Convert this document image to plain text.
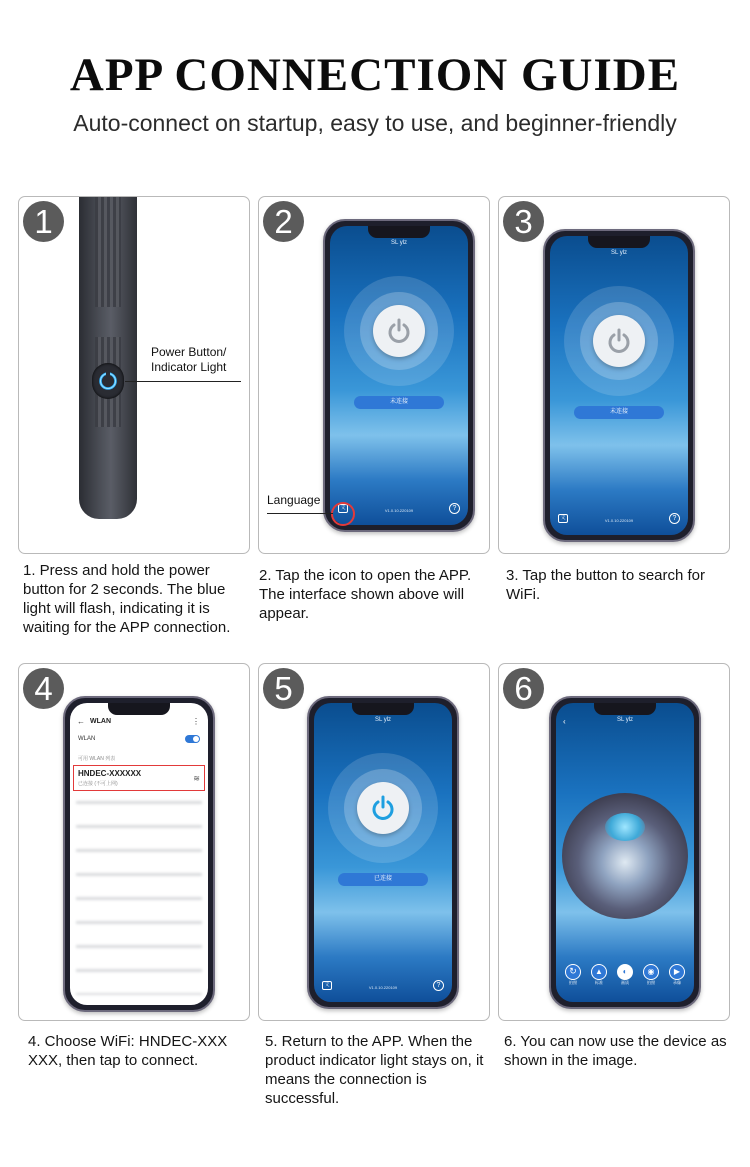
APP CONNECTION GUIDE
Auto-connect on startup, easy to use, and beginner-friendly
1
Power Button/
Indicator Light
1. Press and hold the power button for 2 seconds. The blue light will flash, indicating it is waiting for the APP connection.
2
SL ylz
未连接
文	V1.0.10.220109	?
Language
2. Tap the icon to open the APP. The interface shown above will appear.
3
SL ylz
未连接
文	V1.0.10.220109	?
3. Tap the button to search for WiFi.
4
← WLAN	⋮
WLAN
可用 WLAN 列表
HNDEC-XXXXXX
已连接 (不可上网)
≋
4. Choose WiFi: HNDEC-XXX XXX, then tap to connect.
5
SL ylz
已连接
文	V1.0.10.220109	?
5. Return to the APP. When the product indicator light stays on, it means the connection is successful.
6
‹	SL ylz
↻
拍照
▲
标准
◐
画质
◉
拍照
▶
录像
6. You can now use the device as shown in the image.
